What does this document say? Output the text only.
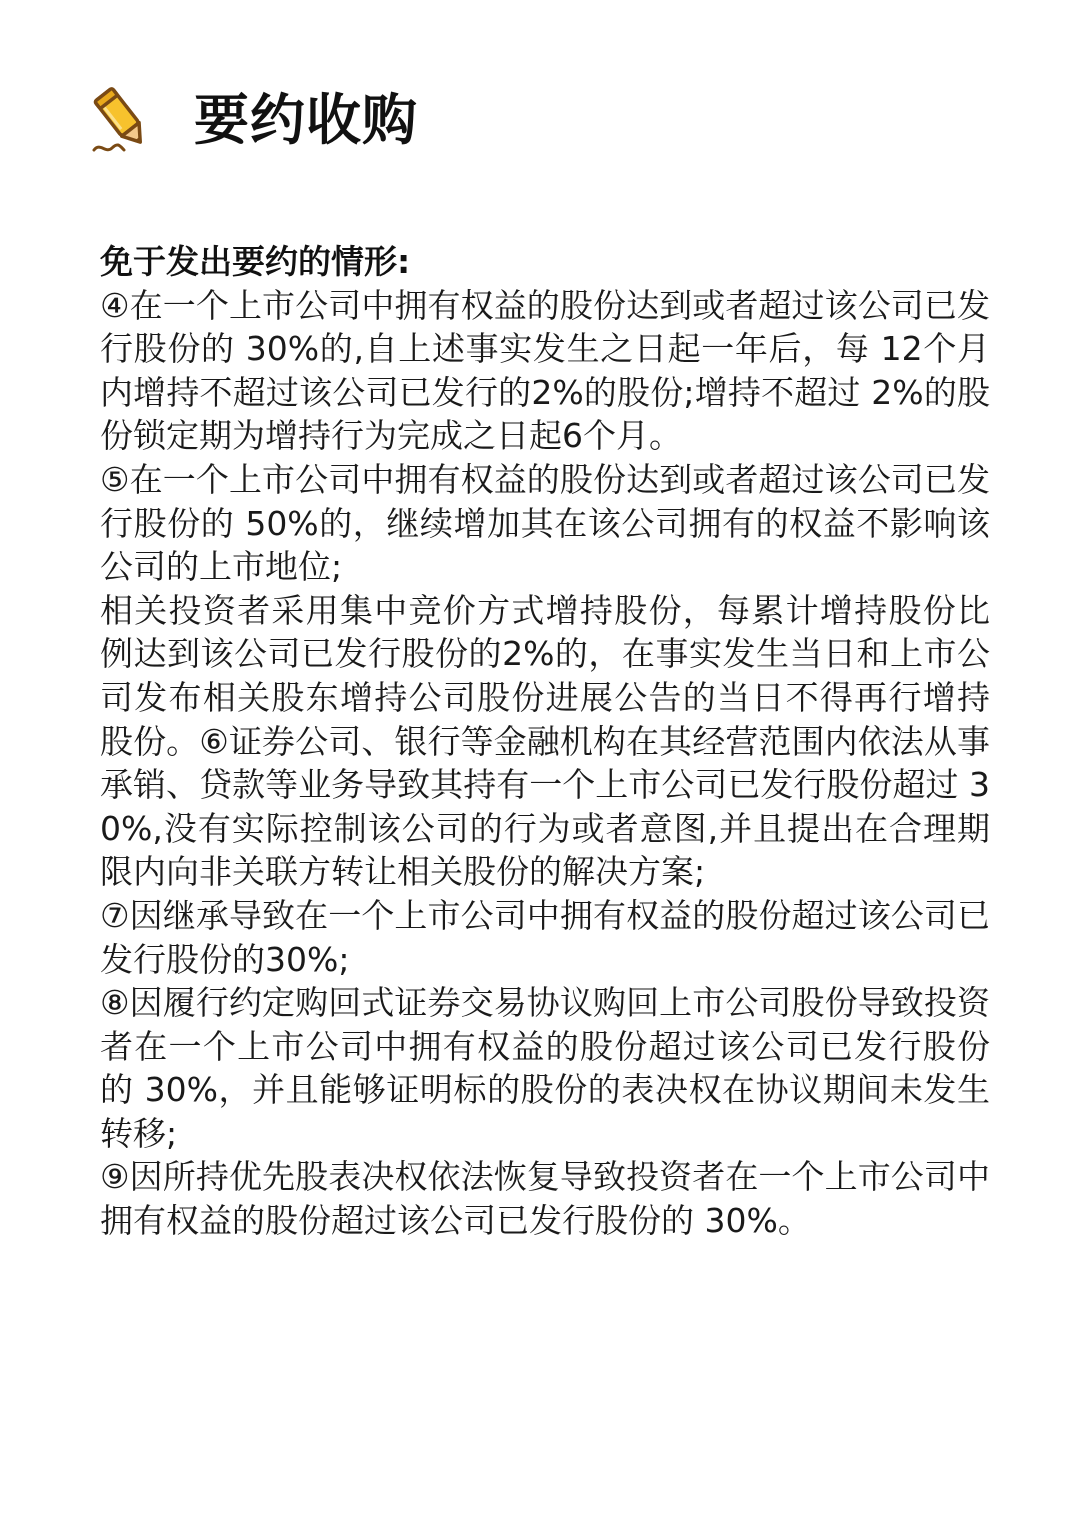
要约收购

免于发出要约的情形:

④在一个上市公司中拥有权益的股份达到或者超过该公司已发行股份的 30%的,自上述事实发生之日起一年后，每 12个月内增持不超过该公司已发行的2%的股份;增持不超过 2%的股份锁定期为增持行为完成之日起6个月。

⑤在一个上市公司中拥有权益的股份达到或者超过该公司已发行股份的 50%的，继续增加其在该公司拥有的权益不影响该公司的上市地位;

相关投资者采用集中竞价方式增持股份，每累计增持股份比例达到该公司已发行股份的2%的，在事实发生当日和上市公司发布相关股东增持公司股份进展公告的当日不得再行增持股份。⑥证券公司、银行等金融机构在其经营范围内依法从事承销、贷款等业务导致其持有一个上市公司已发行股份超过 30%,没有实际控制该公司的行为或者意图,并且提出在合理期限内向非关联方转让相关股份的解决方案;

⑦因继承导致在一个上市公司中拥有权益的股份超过该公司已发行股份的30%;

⑧因履行约定购回式证券交易协议购回上市公司股份导致投资者在一个上市公司中拥有权益的股份超过该公司已发行股份的 30%，并且能够证明标的股份的表决权在协议期间未发生转移;

⑨因所持优先股表决权依法恢复导致投资者在一个上市公司中拥有权益的股份超过该公司已发行股份的 30%。
